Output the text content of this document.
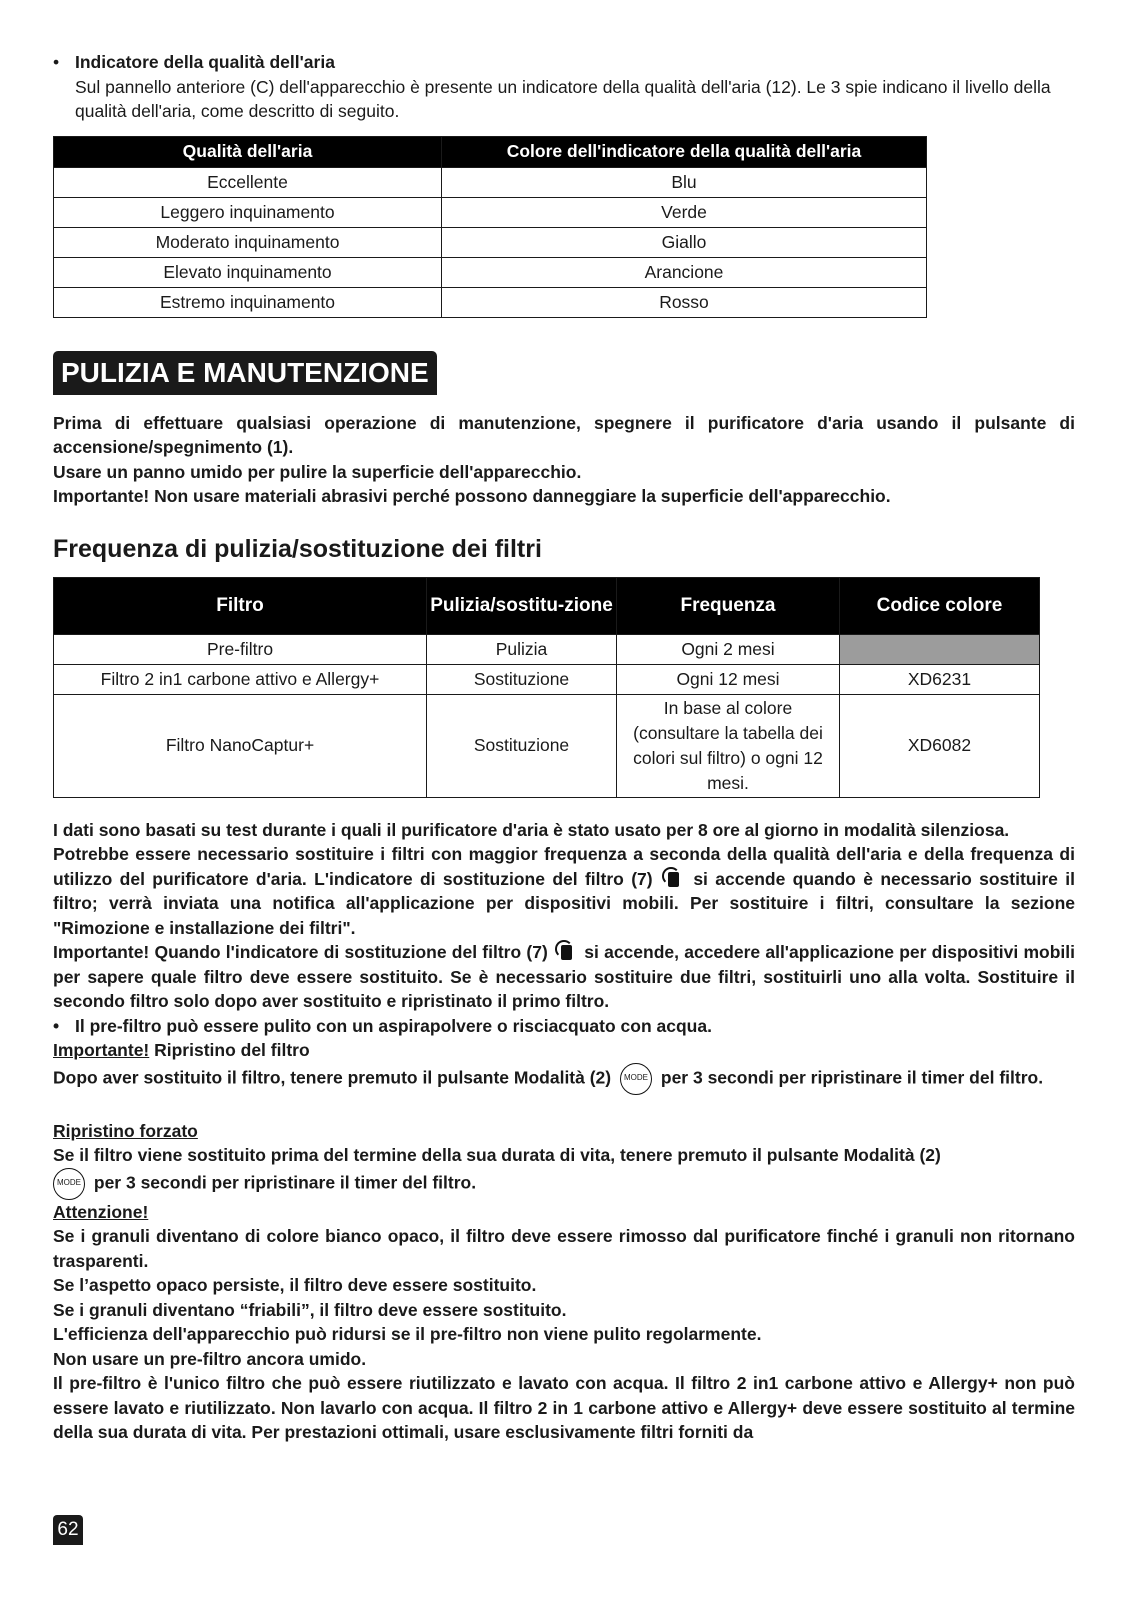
• Indicatore della qualità dell'aria

Sul pannello anteriore (C) dell'apparecchio è presente un indicatore della qualità dell'aria (12). Le 3 spie indicano il livello della qualità dell'aria, come descritto di seguito.

Qualità dell'aria	Colore dell'indicatore della qualità dell'aria
Eccellente	Blu
Leggero inquinamento	Verde
Moderato inquinamento	Giallo
Elevato inquinamento	Arancione
Estremo inquinamento	Rosso
PULIZIA E MANUTENZIONE

Prima di effettuare qualsiasi operazione di manutenzione, spegnere il purificatore d'aria usando il pulsante di accensione/spegnimento (1).

Usare un panno umido per pulire la superficie dell'apparecchio.

Importante! Non usare materiali abrasivi perché possono danneggiare la superficie dell'apparecchio.

Frequenza di pulizia/sostituzione dei filtri
Filtro	Pulizia/sostitu-zione	Frequenza	Codice colore
Pre-filtro	Pulizia	Ogni 2 mesi	
Filtro 2 in1 carbone attivo e Allergy+	Sostituzione	Ogni 12 mesi	XD6231
Filtro NanoCaptur+	Sostituzione	In base al colore (consultare la tabella dei colori sul filtro) o ogni 12 mesi.	XD6082

I dati sono basati su test durante i quali il purificatore d'aria è stato usato per 8 ore al giorno in modalità silenziosa.

Potrebbe essere necessario sostituire i filtri con maggior frequenza a seconda della qualità dell'aria e della frequenza di utilizzo del purificatore d'aria. L'indicatore di sostituzione del filtro (7) si accende quando è necessario sostituire il filtro; verrà inviata una notifica all'applicazione per dispositivi mobili. Per sostituire i filtri, consultare la sezione "Rimozione e installazione dei filtri".

Importante! Quando l'indicatore di sostituzione del filtro (7) si accende, accedere all'applicazione per dispositivi mobili per sapere quale filtro deve essere sostituito. Se è necessario sostituire due filtri, sostituirli uno alla volta. Sostituire il secondo filtro solo dopo aver sostituito e ripristinato il primo filtro.

• Il pre-filtro può essere pulito con un aspirapolvere o risciacquato con acqua.

Importante! Ripristino del filtro

Dopo aver sostituito il filtro, tenere premuto il pulsante Modalità (2) MODE per 3 secondi per ripristinare il timer del filtro.

Ripristino forzato

Se il filtro viene sostituito prima del termine della sua durata di vita, tenere premuto il pulsante Modalità (2)

MODE per 3 secondi per ripristinare il timer del filtro.

Attenzione!

Se i granuli diventano di colore bianco opaco, il filtro deve essere rimosso dal purificatore finché i granuli non ritornano trasparenti.

Se l’aspetto opaco persiste, il filtro deve essere sostituito.

Se i granuli diventano “friabili”, il filtro deve essere sostituito.

L'efficienza dell'apparecchio può ridursi se il pre-filtro non viene pulito regolarmente.

Non usare un pre-filtro ancora umido.

Il pre-filtro è l'unico filtro che può essere riutilizzato e lavato con acqua. Il filtro 2 in1 carbone attivo e Allergy+ non può essere lavato e riutilizzato. Non lavarlo con acqua. Il filtro 2 in 1 carbone attivo e Allergy+ deve essere sostituito al termine della sua durata di vita. Per prestazioni ottimali, usare esclusivamente filtri forniti da

62
